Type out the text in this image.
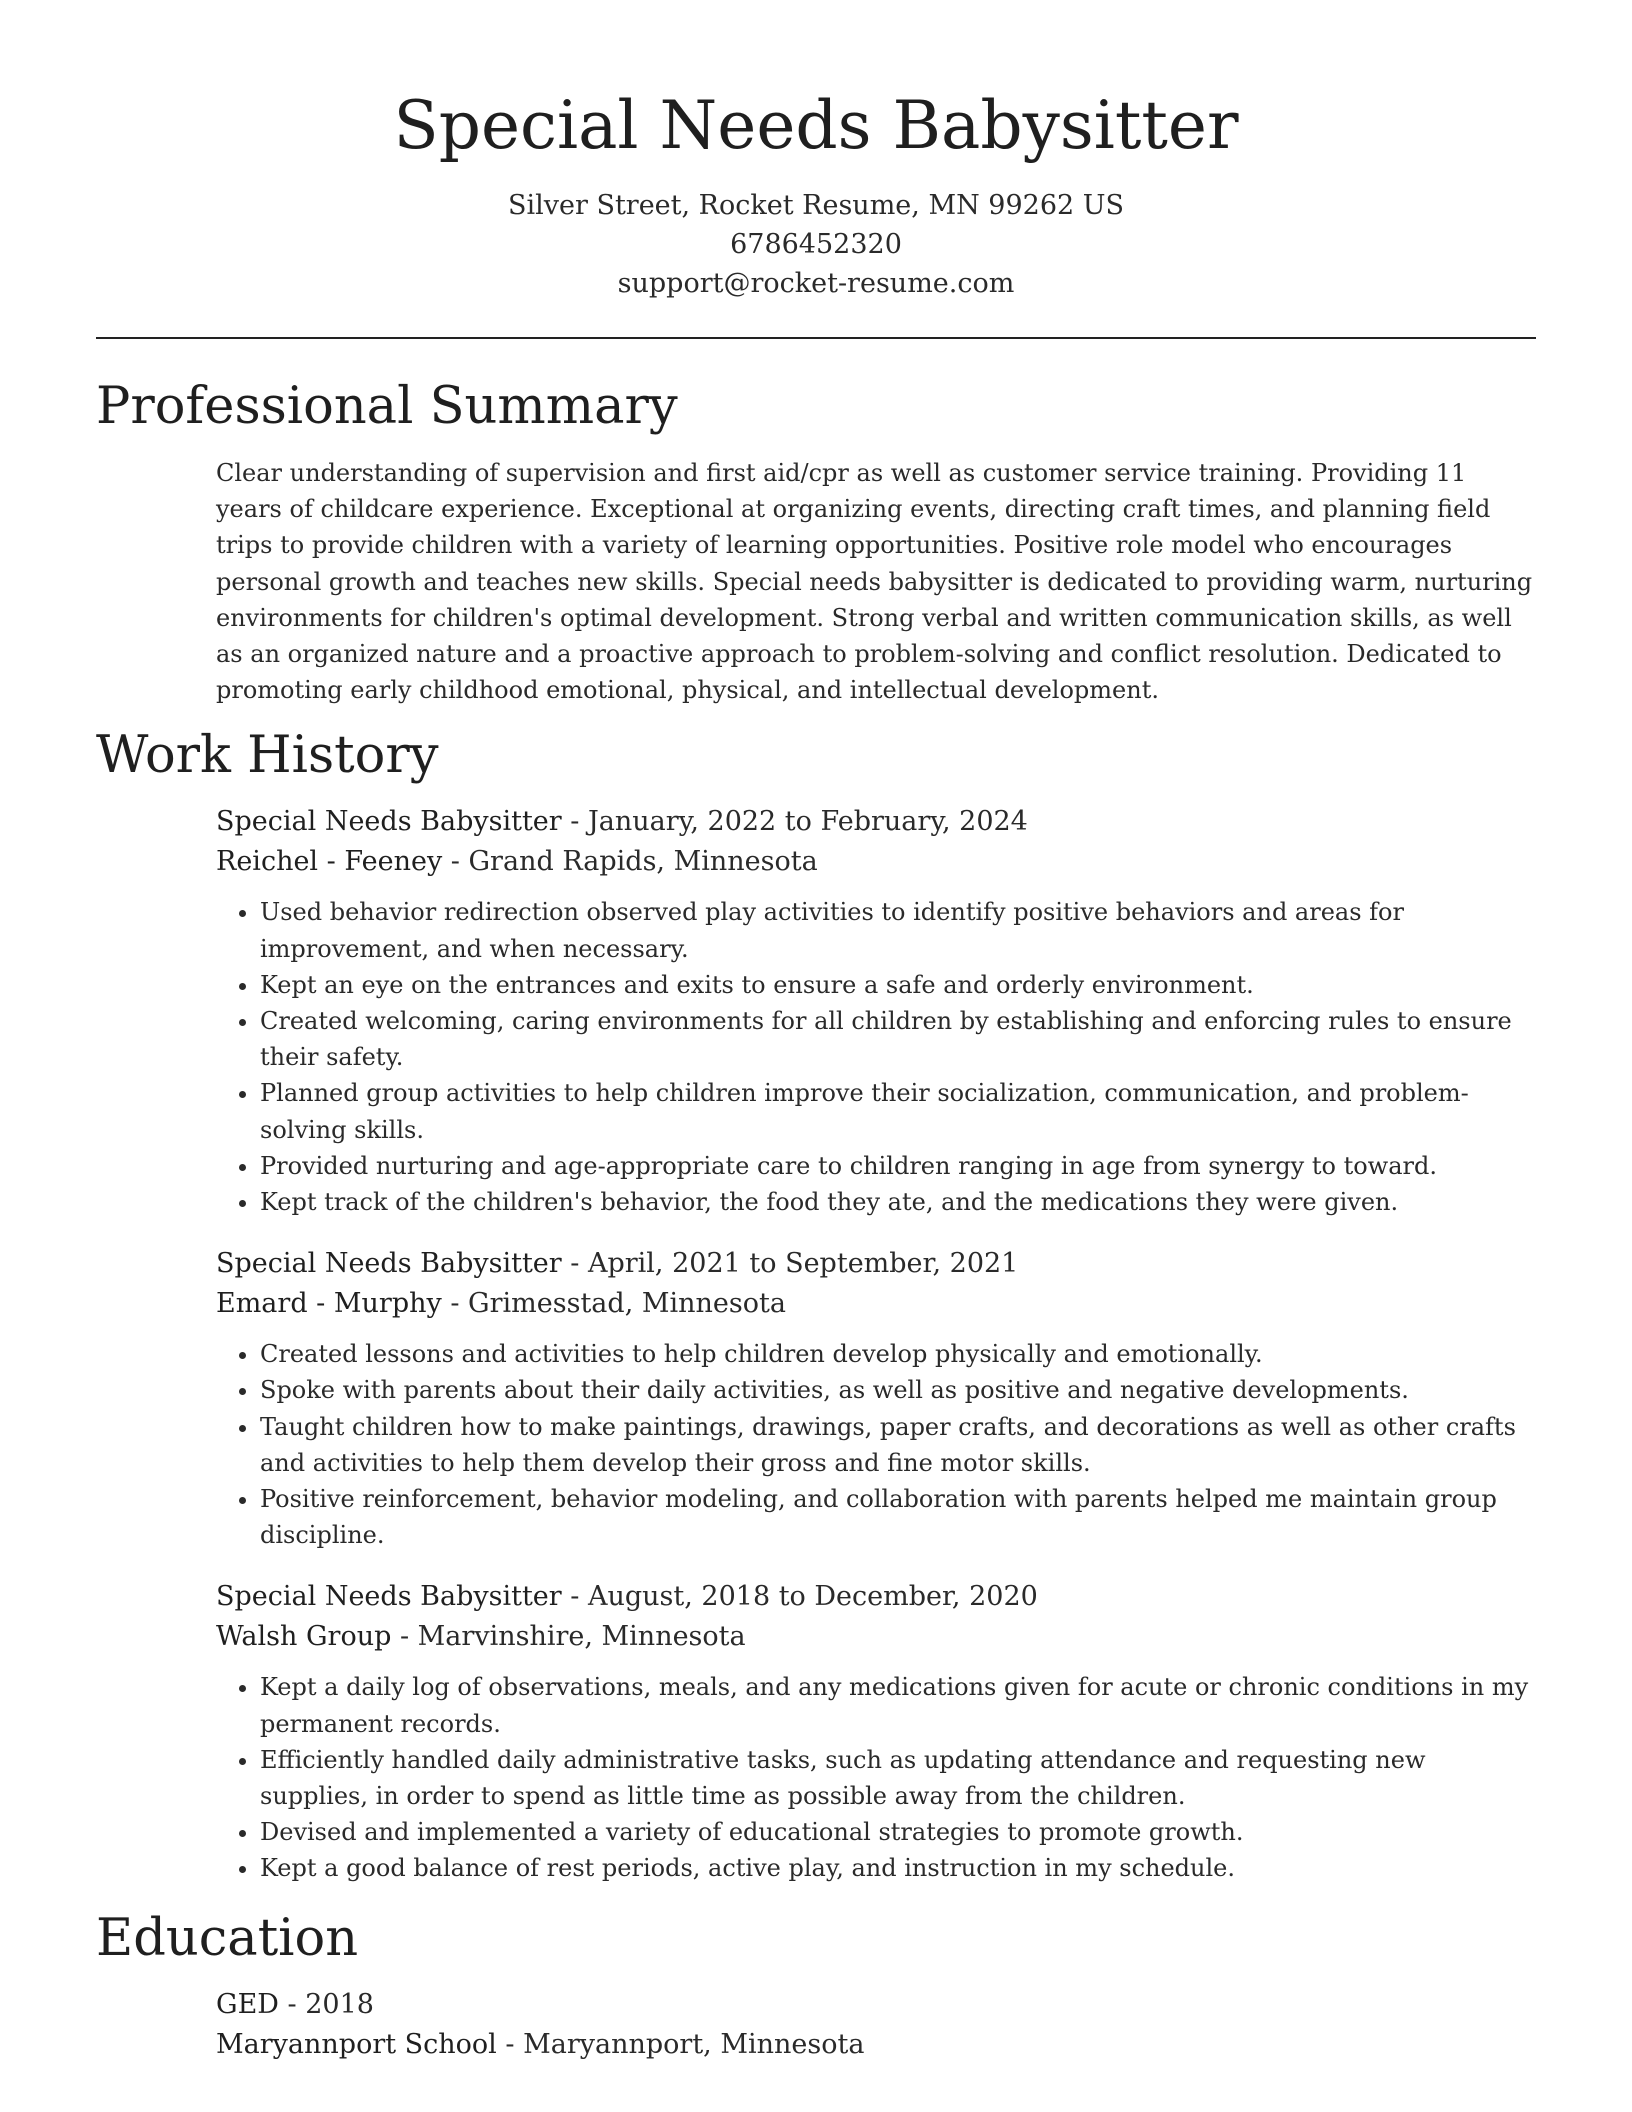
Special Needs Babysitter
Silver Street, Rocket Resume, MN 99262 US
6786452320
support@rocket-resume.com
Professional Summary

Clear understanding of supervision and first aid/cpr as well as customer service training. Providing 11 years of childcare experience. Exceptional at organizing events, directing craft times, and planning field trips to provide children with a variety of learning opportunities. Positive role model who encourages personal growth and teaches new skills. Special needs babysitter is dedicated to providing warm, nurturing environments for children's optimal development. Strong verbal and written communication skills, as well as an organized nature and a proactive approach to problem-solving and conflict resolution. Dedicated to promoting early childhood emotional, physical, and intellectual development.

Work History
Special Needs Babysitter - January, 2022 to February, 2024
Reichel - Feeney - Grand Rapids, Minnesota
• Used behavior redirection observed play activities to identify positive behaviors and areas for improvement, and when necessary.
• Kept an eye on the entrances and exits to ensure a safe and orderly environment.
• Created welcoming, caring environments for all children by establishing and enforcing rules to ensure their safety.
• Planned group activities to help children improve their socialization, communication, and problem-solving skills.
• Provided nurturing and age-appropriate care to children ranging in age from synergy to toward.
• Kept track of the children's behavior, the food they ate, and the medications they were given.
Special Needs Babysitter - April, 2021 to September, 2021
Emard - Murphy - Grimesstad, Minnesota
• Created lessons and activities to help children develop physically and emotionally.
• Spoke with parents about their daily activities, as well as positive and negative developments.
• Taught children how to make paintings, drawings, paper crafts, and decorations as well as other crafts and activities to help them develop their gross and fine motor skills.
• Positive reinforcement, behavior modeling, and collaboration with parents helped me maintain group discipline.
Special Needs Babysitter - August, 2018 to December, 2020
Walsh Group - Marvinshire, Minnesota
• Kept a daily log of observations, meals, and any medications given for acute or chronic conditions in my permanent records.
• Efficiently handled daily administrative tasks, such as updating attendance and requesting new supplies, in order to spend as little time as possible away from the children.
• Devised and implemented a variety of educational strategies to promote growth.
• Kept a good balance of rest periods, active play, and instruction in my schedule.
Education
GED - 2018
Maryannport School - Maryannport, Minnesota
